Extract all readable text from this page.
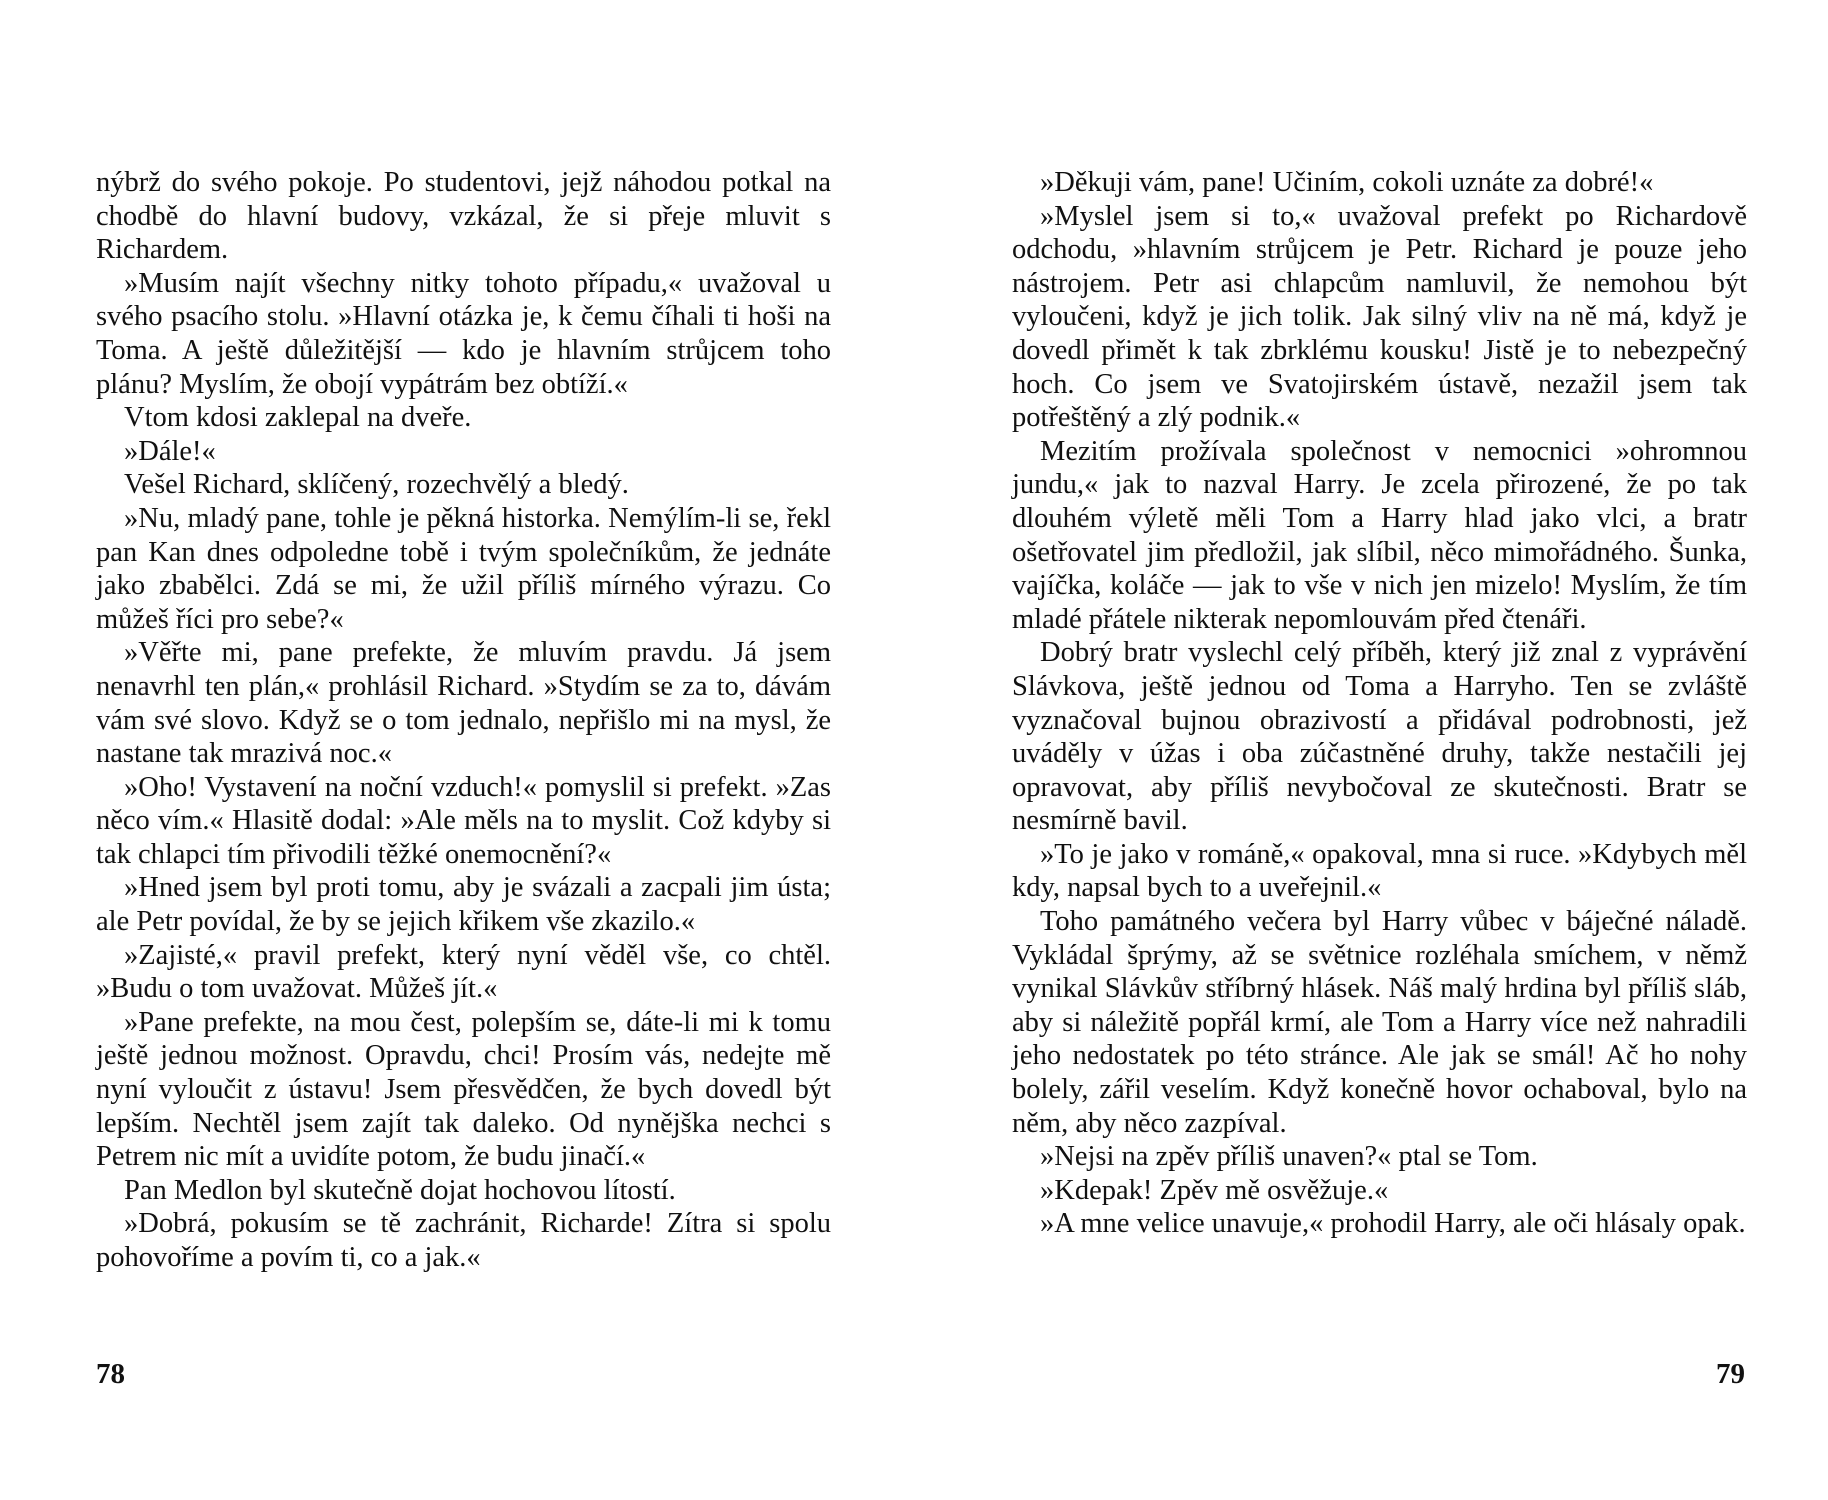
nýbrž do svého pokoje. Po studentovi, jejž náhodou potkal na chodbě do hlavní budovy, vzkázal, že si přeje mluvit s Richardem.

»Musím najít všechny nitky tohoto případu,« uvažoval u svého psacího stolu. »Hlavní otázka je, k čemu číhali ti hoši na Toma. A ještě důležitější — kdo je hlavním strůjcem toho plánu? Myslím, že obojí vypátrám bez obtíží.«

Vtom kdosi zaklepal na dveře.

»Dále!«

Vešel Richard, sklíčený, rozechvělý a bledý.

»Nu, mladý pane, tohle je pěkná historka. Nemýlím-li se, řekl pan Kan dnes odpoledne tobě i tvým společníkům, že jednáte jako zbabělci. Zdá se mi, že užil příliš mírného výrazu. Co můžeš říci pro sebe?«

»Věřte mi, pane prefekte, že mluvím pravdu. Já jsem nenavrhl ten plán,« prohlásil Richard. »Stydím se za to, dávám vám své slovo. Když se o tom jednalo, nepřišlo mi na mysl, že nastane tak mrazivá noc.«

»Oho! Vystavení na noční vzduch!« pomyslil si prefekt. »Zas něco vím.« Hlasitě dodal: »Ale měls na to myslit. Což kdyby si tak chlapci tím přivodili těžké onemocnění?«

»Hned jsem byl proti tomu, aby je svázali a zacpali jim ústa; ale Petr povídal, že by se jejich křikem vše zkazilo.«

»Zajisté,« pravil prefekt, který nyní věděl vše, co chtěl. »Budu o tom uvažovat. Můžeš jít.«

»Pane prefekte, na mou čest, polepším se, dáte-li mi k tomu ještě jednou možnost. Opravdu, chci! Prosím vás, nedejte mě nyní vyloučit z ústavu! Jsem přesvědčen, že bych dovedl být lepším. Nechtěl jsem zajít tak daleko. Od nynějška nechci s Petrem nic mít a uvidíte potom, že budu jinačí.«

Pan Medlon byl skutečně dojat hochovou lítostí.

»Dobrá, pokusím se tě zachránit, Richarde! Zítra si spolu pohovoříme a povím ti, co a jak.«

78

»Děkuji vám, pane! Učiním, cokoli uznáte za dobré!«

»Myslel jsem si to,« uvažoval prefekt po Richardově odchodu, »hlavním strůjcem je Petr. Richard je pouze jeho nástrojem. Petr asi chlapcům namluvil, že nemohou být vyloučeni, když je jich tolik. Jak silný vliv na ně má, když je dovedl přimět k tak zbrklému kousku! Jistě je to nebezpečný hoch. Co jsem ve Svatojirském ústavě, nezažil jsem tak potřeštěný a zlý podnik.«

Mezitím prožívala společnost v nemocnici »ohromnou jundu,« jak to nazval Harry. Je zcela přirozené, že po tak dlouhém výletě měli Tom a Harry hlad jako vlci, a bratr ošetřovatel jim předložil, jak slíbil, něco mimořádného. Šunka, vajíčka, koláče — jak to vše v nich jen mizelo! Myslím, že tím mladé přátele nikterak nepomlouvám před čtenáři.

Dobrý bratr vyslechl celý příběh, který již znal z vyprávění Slávkova, ještě jednou od Toma a Harryho. Ten se zvláště vyznačoval bujnou obrazivostí a přidával podrobnosti, jež uváděly v úžas i oba zúčastněné druhy, takže nestačili jej opravovat, aby příliš nevybočoval ze skutečnosti. Bratr se nesmírně bavil.

»To je jako v románě,« opakoval, mna si ruce. »Kdybych měl kdy, napsal bych to a uveřejnil.«

Toho památného večera byl Harry vůbec v báječné náladě. Vykládal šprýmy, až se světnice rozléhala smíchem, v němž vynikal Slávkův stříbrný hlásek. Náš malý hrdina byl příliš sláb, aby si náležitě popřál krmí, ale Tom a Harry více než nahradili jeho nedostatek po této stránce. Ale jak se smál! Ač ho nohy bolely, zářil veselím. Když konečně hovor ochaboval, bylo na něm, aby něco zazpíval.

»Nejsi na zpěv příliš unaven?« ptal se Tom.

»Kdepak! Zpěv mě osvěžuje.«

»A mne velice unavuje,« prohodil Harry, ale oči hlásaly opak.

79
